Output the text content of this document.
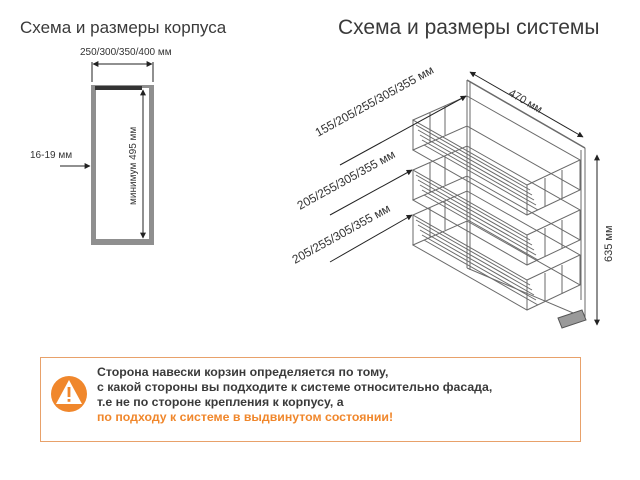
Схема и размеры корпуса	Схема и размеры системы
250/300/350/400 мм
16-19 мм	минимум 495 мм
470 мм
635 мм
155/205/255/305/355 мм
205/255/305/355 мм
205/255/305/355 мм
Сторона навески корзин определяется по тому,
с какой стороны вы подходите к системе относительно фасада,
т.е не по стороне крепления к корпусу, а
по подходу к системе в выдвинутом состоянии!
